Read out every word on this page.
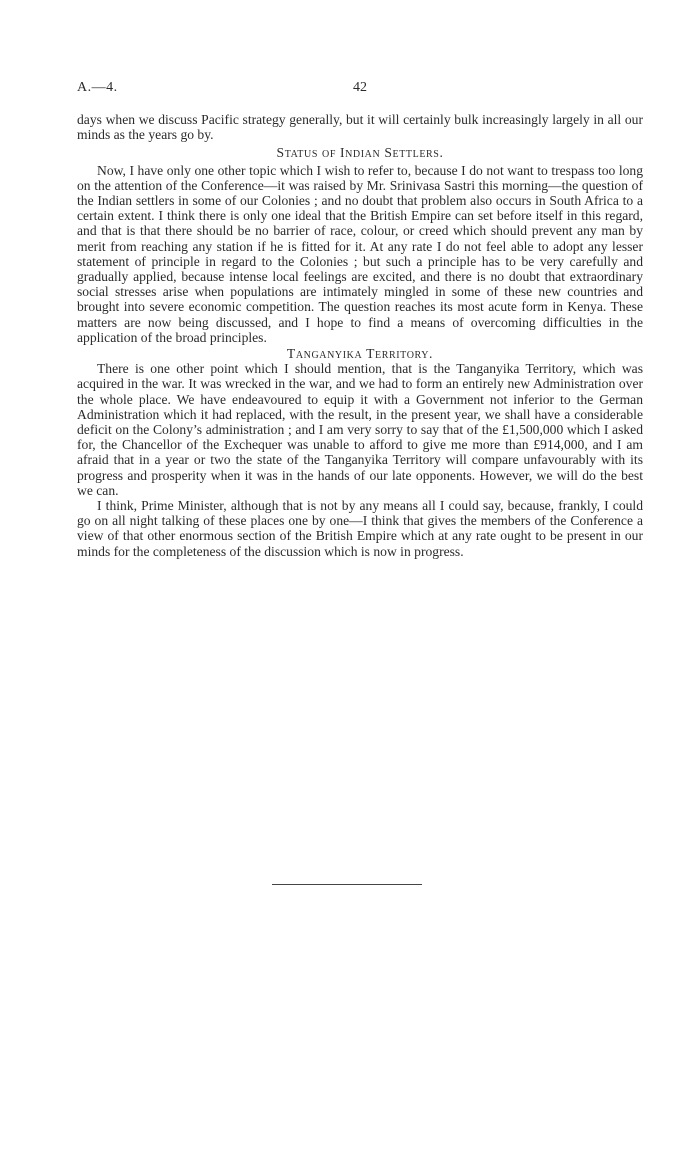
A.—4.	42

days when we discuss Pacific strategy generally, but it will certainly bulk increasingly largely in all our minds as the years go by.

Status of Indian Settlers.

Now, I have only one other topic which I wish to refer to, because I do not want to trespass too long on the attention of the Conference—it was raised by Mr. Srinivasa Sastri this morning—the question of the Indian settlers in some of our Colonies ; and no doubt that problem also occurs in South Africa to a certain extent. I think there is only one ideal that the British Empire can set before itself in this regard, and that is that there should be no barrier of race, colour, or creed which should prevent any man by merit from reaching any station if he is fitted for it. At any rate I do not feel able to adopt any lesser statement of principle in regard to the Colonies ; but such a principle has to be very carefully and gradually applied, because intense local feelings are excited, and there is no doubt that extraordinary social stresses arise when populations are intimately mingled in some of these new countries and brought into severe economic competition. The question reaches its most acute form in Kenya. These matters are now being discussed, and I hope to find a means of overcoming difficulties in the application of the broad principles.

Tanganyika Territory.

There is one other point which I should mention, that is the Tanganyika Territory, which was acquired in the war. It was wrecked in the war, and we had to form an entirely new Administration over the whole place. We have endeavoured to equip it with a Government not inferior to the German Administration which it had replaced, with the result, in the present year, we shall have a considerable deficit on the Colony’s administration ; and I am very sorry to say that of the £1,500,000 which I asked for, the Chancellor of the Exchequer was unable to afford to give me more than £914,000, and I am afraid that in a year or two the state of the Tanganyika Territory will compare unfavourably with its progress and prosperity when it was in the hands of our late opponents. However, we will do the best we can.

I think, Prime Minister, although that is not by any means all I could say, because, frankly, I could go on all night talking of these places one by one—I think that gives the members of the Conference a view of that other enormous section of the British Empire which at any rate ought to be present in our minds for the completeness of the discussion which is now in progress.
